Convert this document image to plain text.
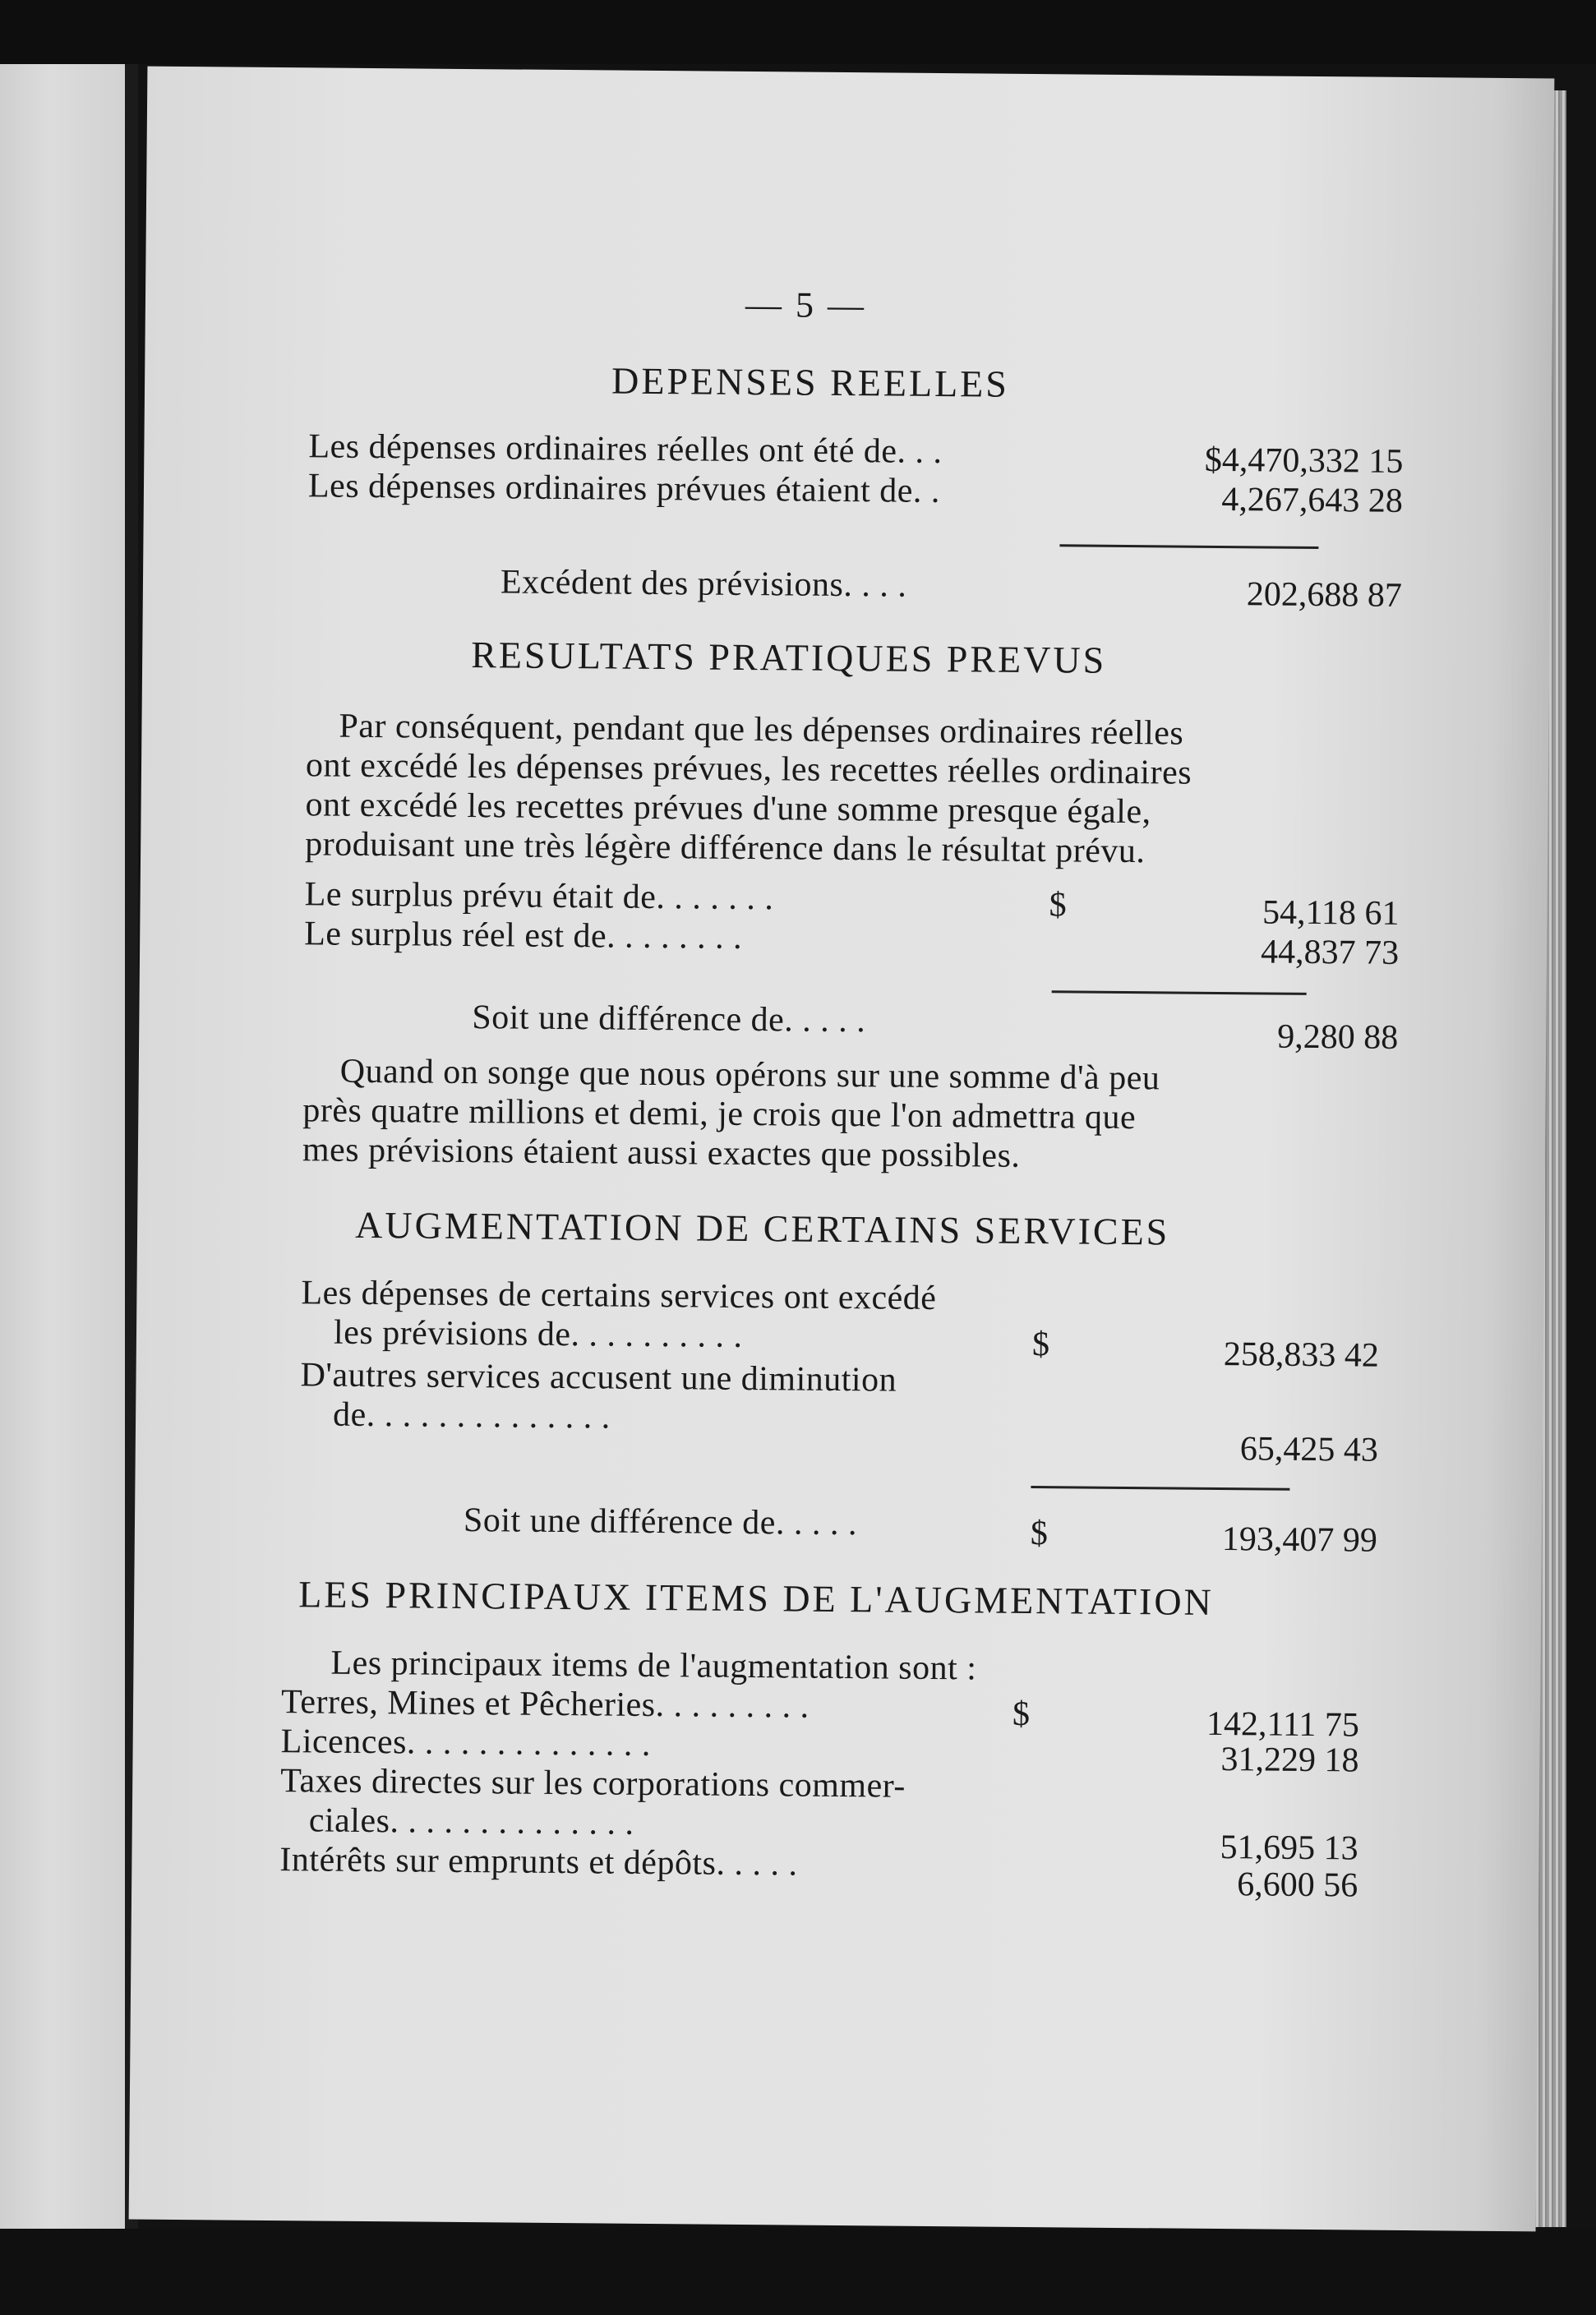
— 5 —
DEPENSES REELLES
Les dépenses ordinaires réelles ont été de. . .	$4,470,332 15
Les dépenses ordinaires prévues étaient de. .	4,267,643 28
Excédent des prévisions. . . .	202,688 87
RESULTATS PRATIQUES PREVUS
Par conséquent, pendant que les dépenses ordinaires réelles
ont excédé les dépenses prévues, les recettes réelles ordinaires
ont excédé les recettes prévues d'une somme presque égale,
produisant une très légère différence dans le résultat prévu.
Le surplus prévu était de. . . . . . .	$	54,118 61
Le surplus réel est de. . . . . . . .	44,837 73
Soit une différence de. . . . .	9,280 88
Quand on songe que nous opérons sur une somme d'à peu
près quatre millions et demi, je crois que l'on admettra que
mes prévisions étaient aussi exactes que possibles.
AUGMENTATION DE CERTAINS SERVICES
Les dépenses de certains services ont excédé
les prévisions de. . . . . . . . . .	$	258,833 42
D'autres services accusent une diminution
de. . . . . . . . . . . . . .
65,425 43
Soit une différence de. . . . .	$	193,407 99
LES PRINCIPAUX ITEMS DE L'AUGMENTATION
Les principaux items de l'augmentation sont :
Terres, Mines et Pêcheries. . . . . . . . .	$	142,111 75
Licences. . . . . . . . . . . . . .	31,229 18
Taxes directes sur les corporations commer-
ciales. . . . . . . . . . . . . .
51,695 13
Intérêts sur emprunts et dépôts. . . . .
6,600 56
